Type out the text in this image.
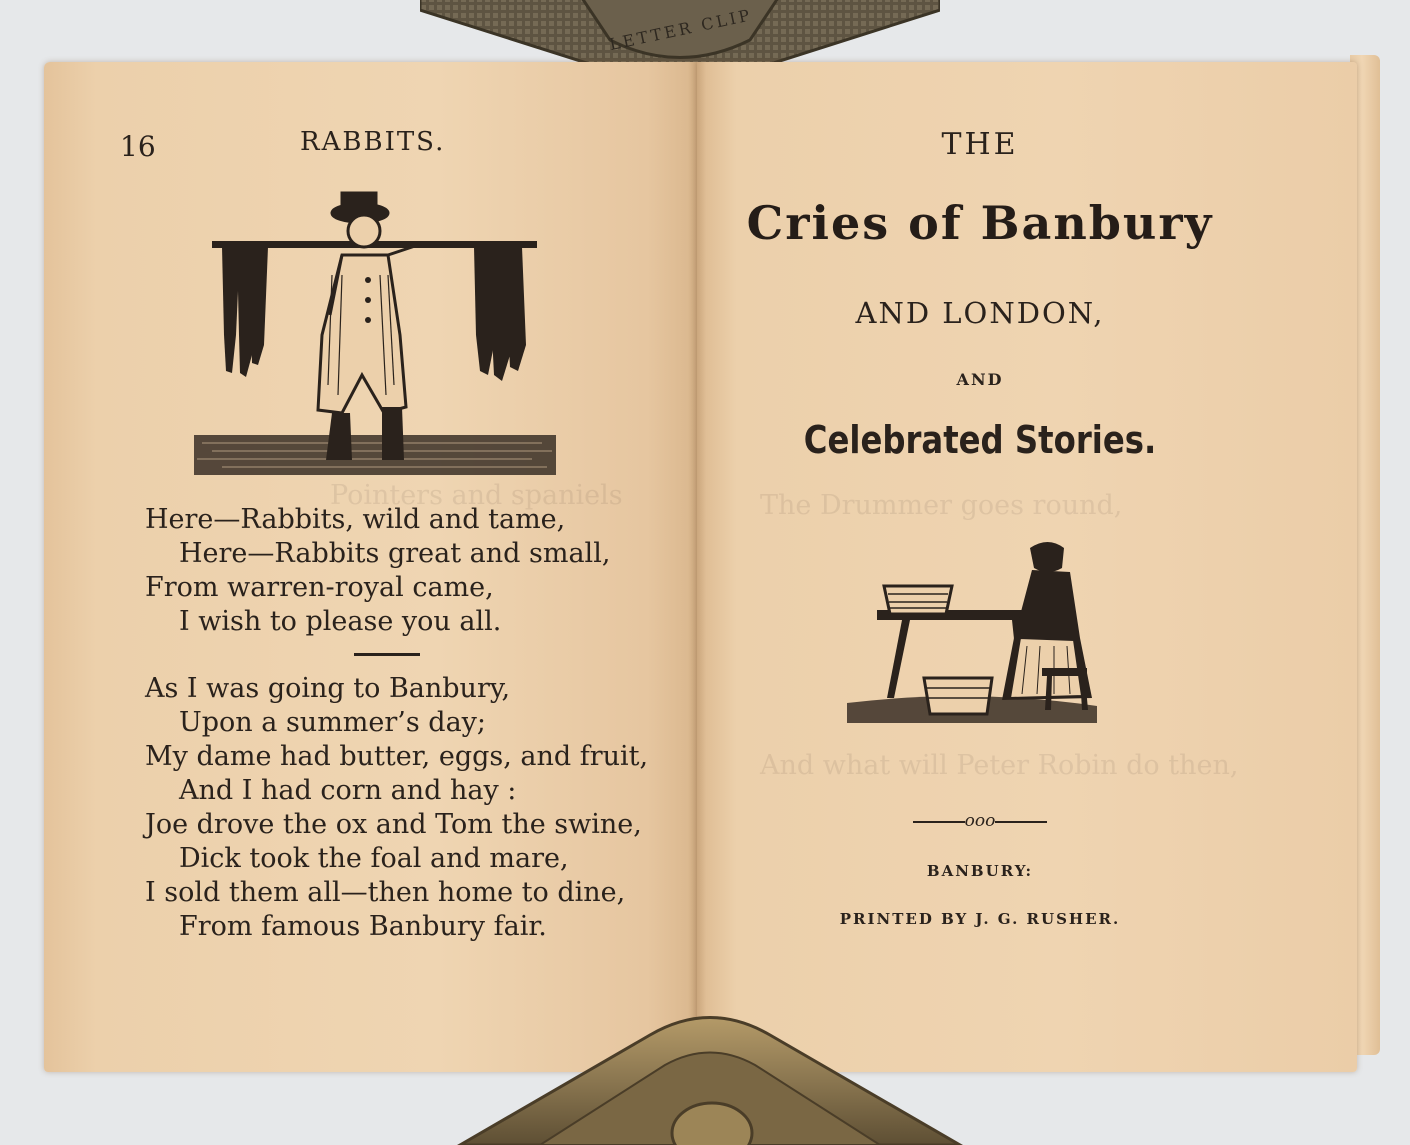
LETTER CLIP
Pointers and spaniels	The Drummer goes round,
And what will Peter Robin do then,
16	RABBITS.
Here—Rabbits, wild and tame,
Here—Rabbits great and small,
From warren-royal came,
I wish to please you all.
As I was going to Banbury,
Upon a summer’s day;
My dame had butter, eggs, and fruit,
And I had corn and hay :
Joe drove the ox and Tom the swine,
Dick took the foal and mare,
I sold them all—then home to dine,
From famous Banbury fair.
THE
Cries of Banbury
AND LONDON,
AND
Celebrated Stories.
ooo
BANBURY:
PRINTED BY J. G. RUSHER.
